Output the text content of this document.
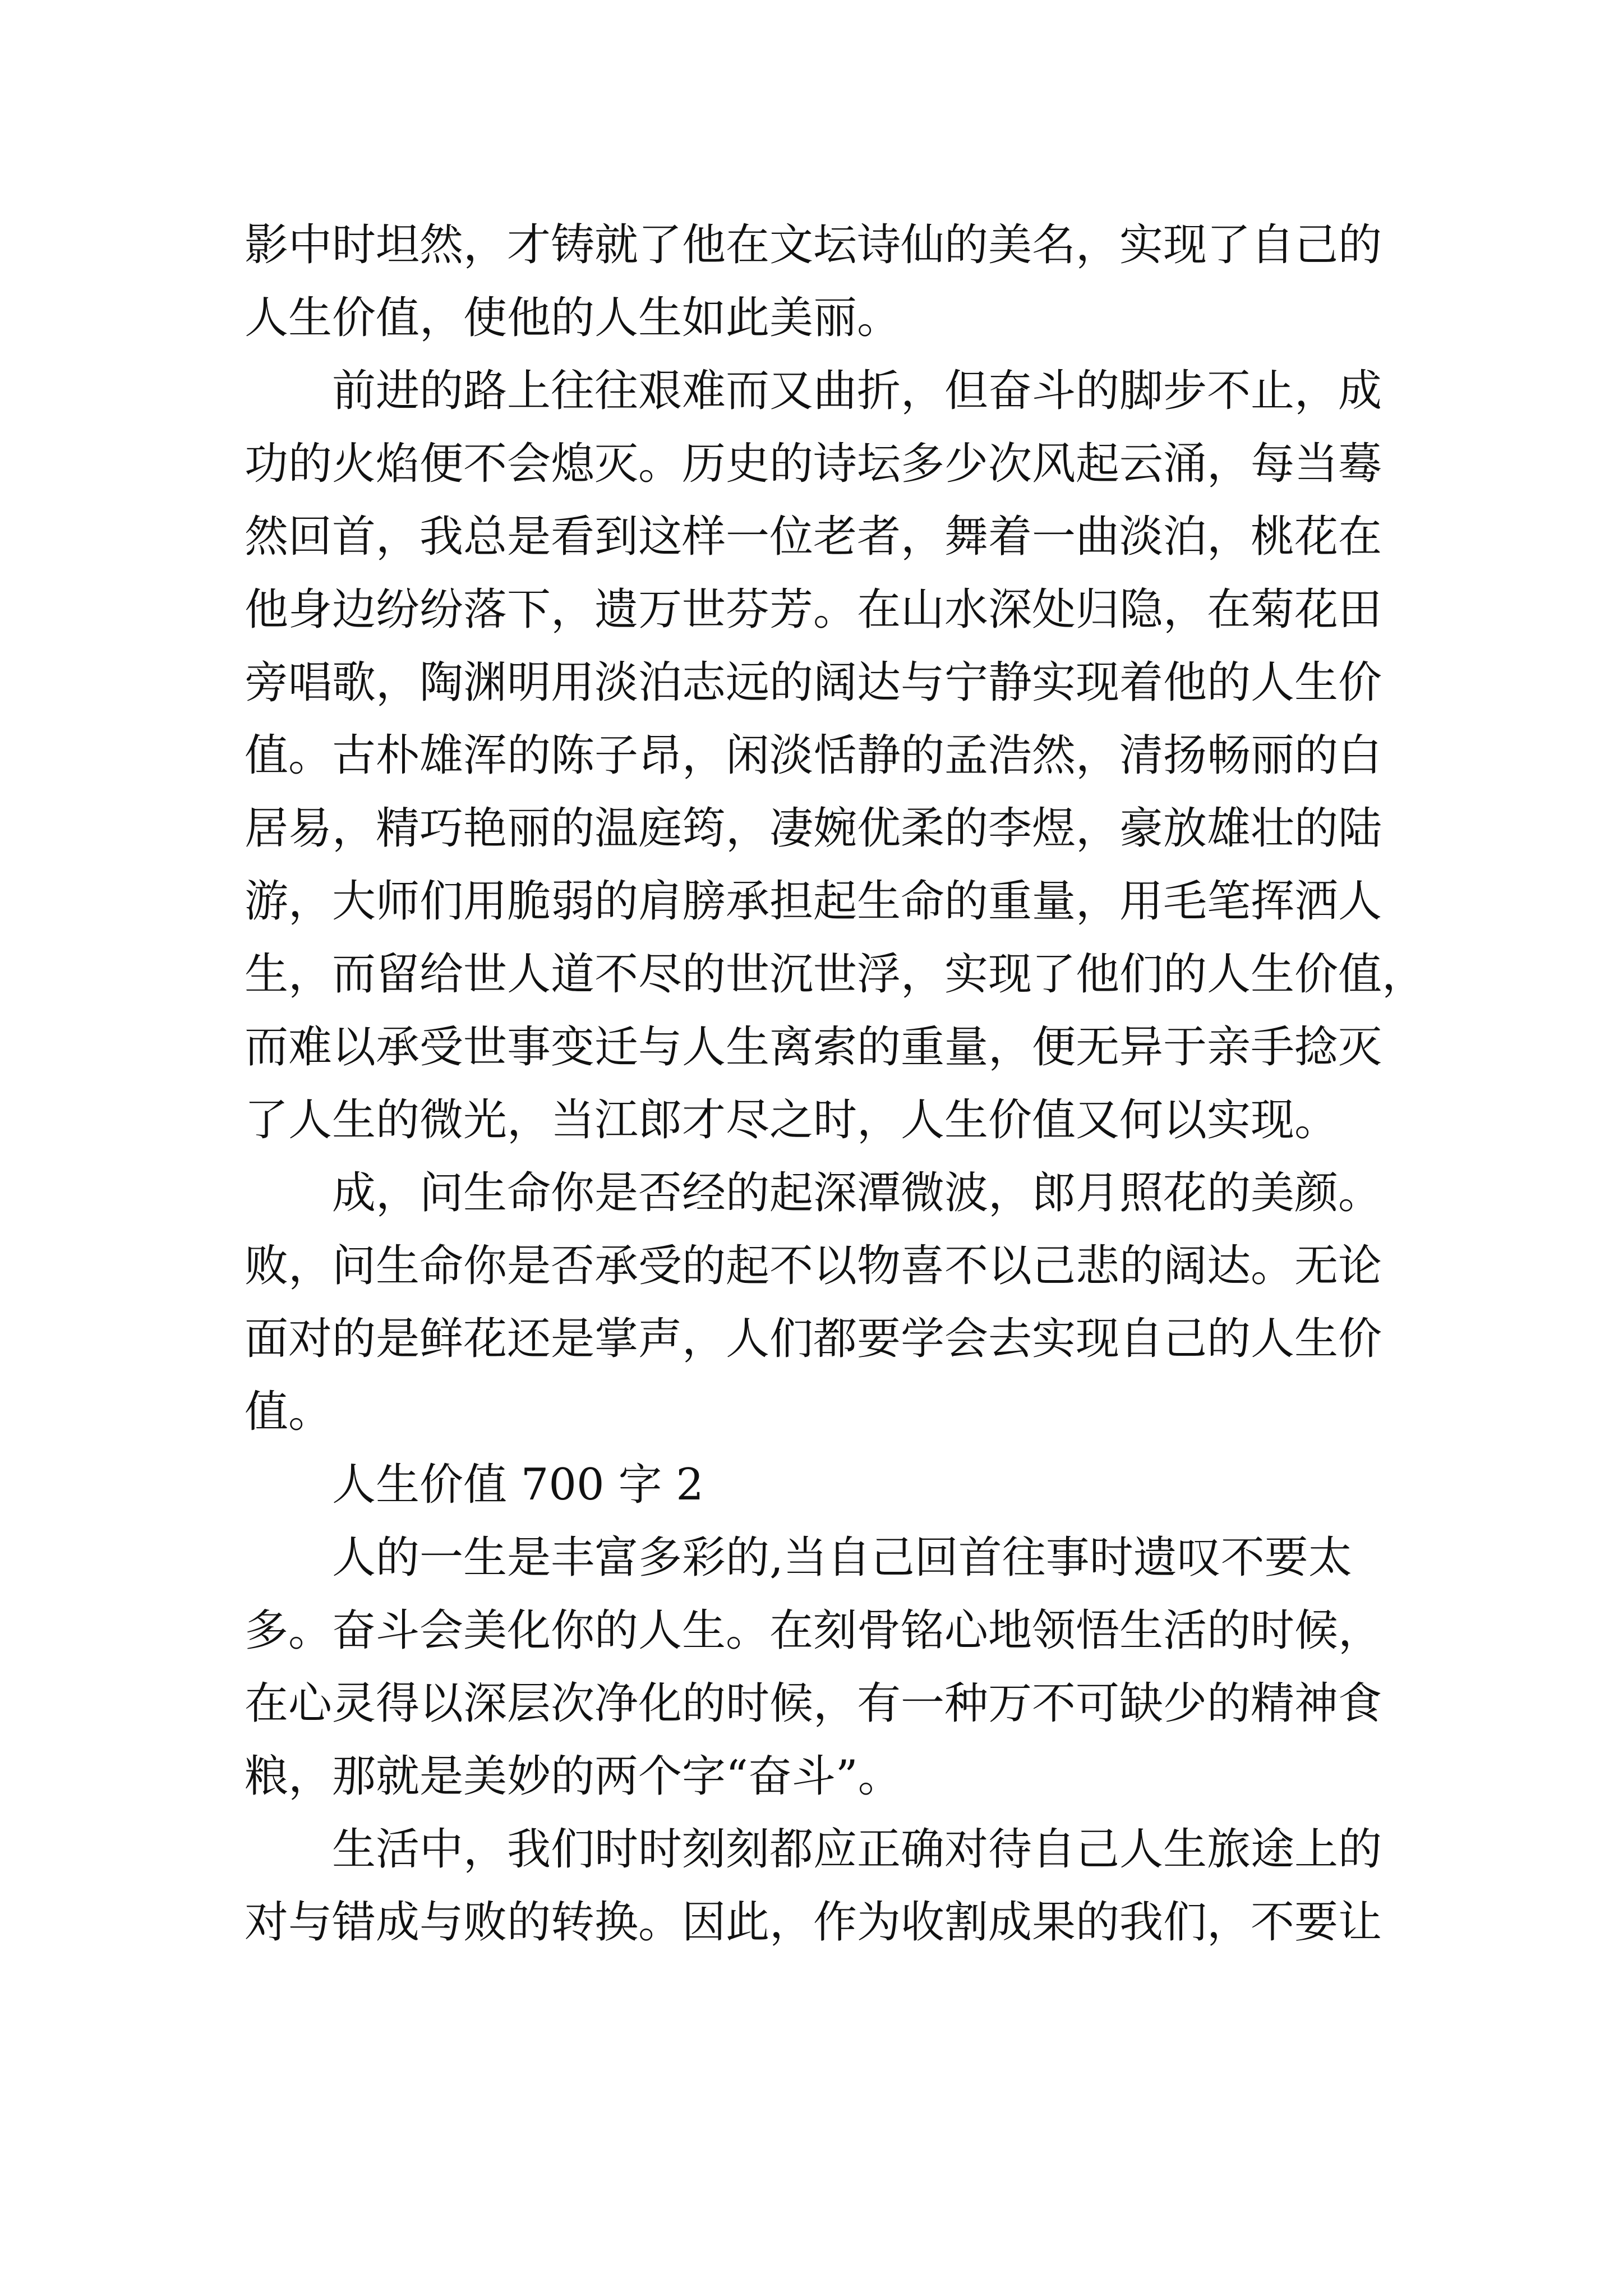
影中时坦然，才铸就了他在文坛诗仙的美名，实现了自己的
人生价值，使他的人生如此美丽。
前进的路上往往艰难而又曲折，但奋斗的脚步不止，成
功的火焰便不会熄灭。历史的诗坛多少次风起云涌，每当蓦
然回首，我总是看到这样一位老者，舞着一曲淡泊，桃花在
他身边纷纷落下，遗万世芬芳。在山水深处归隐，在菊花田
旁唱歌，陶渊明用淡泊志远的阔达与宁静实现着他的人生价
值。古朴雄浑的陈子昂，闲淡恬静的孟浩然，清扬畅丽的白
居易，精巧艳丽的温庭筠，凄婉优柔的李煜，豪放雄壮的陆
游，大师们用脆弱的肩膀承担起生命的重量，用毛笔挥洒人
生，而留给世人道不尽的世沉世浮，实现了他们的人生价值，
而难以承受世事变迁与人生离索的重量，便无异于亲手捻灭
了人生的微光，当江郎才尽之时，人生价值又何以实现。
成，问生命你是否经的起深潭微波，郎月照花的美颜。
败，问生命你是否承受的起不以物喜不以己悲的阔达。无论
面对的是鲜花还是掌声，人们都要学会去实现自己的人生价
值。
人生价值 700 字 2
人的一生是丰富多彩的,当自己回首往事时遗叹不要太
多。奋斗会美化你的人生。在刻骨铭心地领悟生活的时候，
在心灵得以深层次净化的时候，有一种万不可缺少的精神食
粮，那就是美妙的两个字“奋斗”。
生活中，我们时时刻刻都应正确对待自己人生旅途上的
对与错成与败的转换。因此，作为收割成果的我们，不要让
